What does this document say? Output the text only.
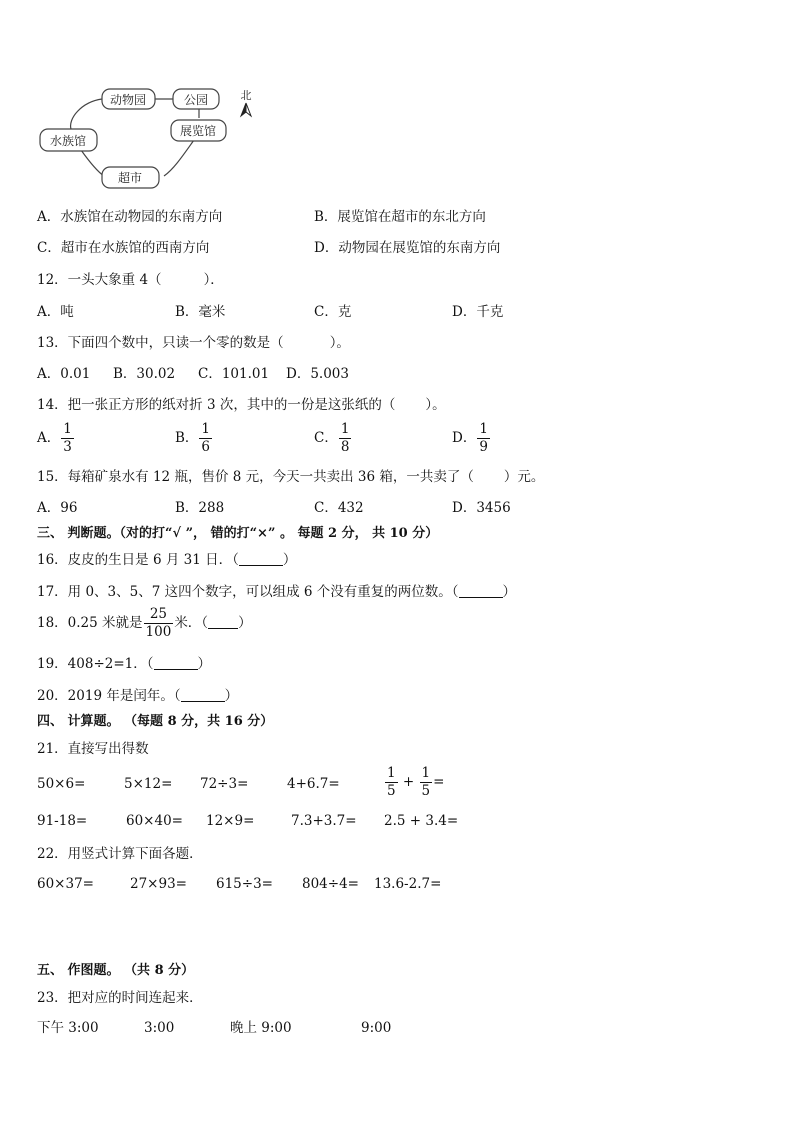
动物园	公园
展览馆
水族馆
超市
北
A．水族馆在动物园的东南方向	B．展览馆在超市的东北方向
C．超市在水族馆的西南方向	D．动物园在展览馆的东南方向
12．一头大象重 4（	）．
A．吨	B．毫米	C．克	D．千克
13．下面四个数中，只读一个零的数是（	）。
A．0.01 B．30.02 C．101.01 D．5.003
14．把一张正方形的纸对折 3 次，其中的一份是这张纸的（ ）。
A． $\frac{1}{3}$	B． $\frac{1}{6}$	C． $\frac{1}{8}$	D． $\frac{1}{9}$
15．每箱矿泉水有 12 瓶，售价 8 元，今天一共卖出 36 箱，一共卖了（ ）元。
A．96	B．288	C．432	D．3456
三、 判断题。（对的打“√ ”， 错的打“×” 。 每题 2 分， 共 10 分）
16．皮皮的生日是 6 月 31 日．（	）
17．用 0、3、5、7 这四个数字，可以组成 6 个没有重复的两位数。（	）
18．0.25 米就是 $\frac{25}{100}$ 米．（ ）
19．408÷2=1．（	）
20．2019 年是闰年。（	）
四、 计算题。 （每题 8 分，共 16 分）
21．直接写出得数
50×6=	5×12= 72÷3=	4+6.7=	$\frac{1}{5} + \frac{1}{5}$ =
91-18=	60×40= 12×9=	7.3+3.7= 2.5 + 3.4=
22．用竖式计算下面各题．
60×37=	27×93= 615÷3= 804÷4= 13.6-2.7=
五、 作图题。 （共 8 分）
23．把对应的时间连起来．
下午 3:00	3:00	晚上 9:00	9:00
